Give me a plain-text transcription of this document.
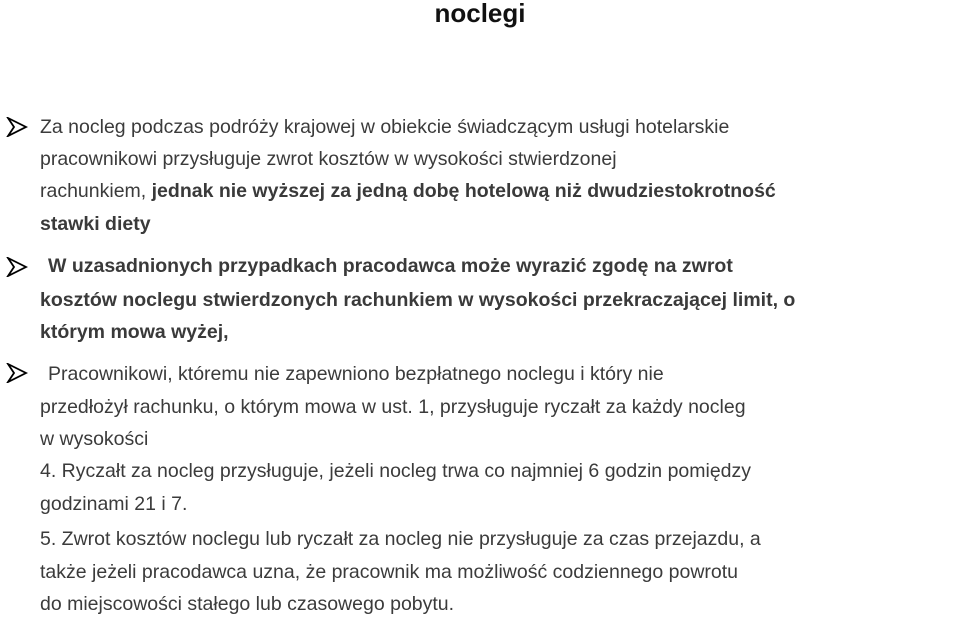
noclegi
Za nocleg podczas podróży krajowej w obiekcie świadczącym usługi hotelarskie
pracownikowi przysługuje zwrot kosztów w wysokości stwierdzonej
rachunkiem, jednak nie wyższej za jedną dobę hotelową niż dwudziestokrotność
stawki diety
W uzasadnionych przypadkach pracodawca może wyrazić zgodę na zwrot
kosztów noclegu stwierdzonych rachunkiem w wysokości przekraczającej limit, o
którym mowa wyżej,
Pracownikowi, któremu nie zapewniono bezpłatnego noclegu i który nie
przedłożył rachunku, o którym mowa w ust. 1, przysługuje ryczałt za każdy nocleg
w wysokości
4. Ryczałt za nocleg przysługuje, jeżeli nocleg trwa co najmniej 6 godzin pomiędzy
godzinami 21 i 7.
5. Zwrot kosztów noclegu lub ryczałt za nocleg nie przysługuje za czas przejazdu, a
także jeżeli pracodawca uzna, że pracownik ma możliwość codziennego powrotu
do miejscowości stałego lub czasowego pobytu.
